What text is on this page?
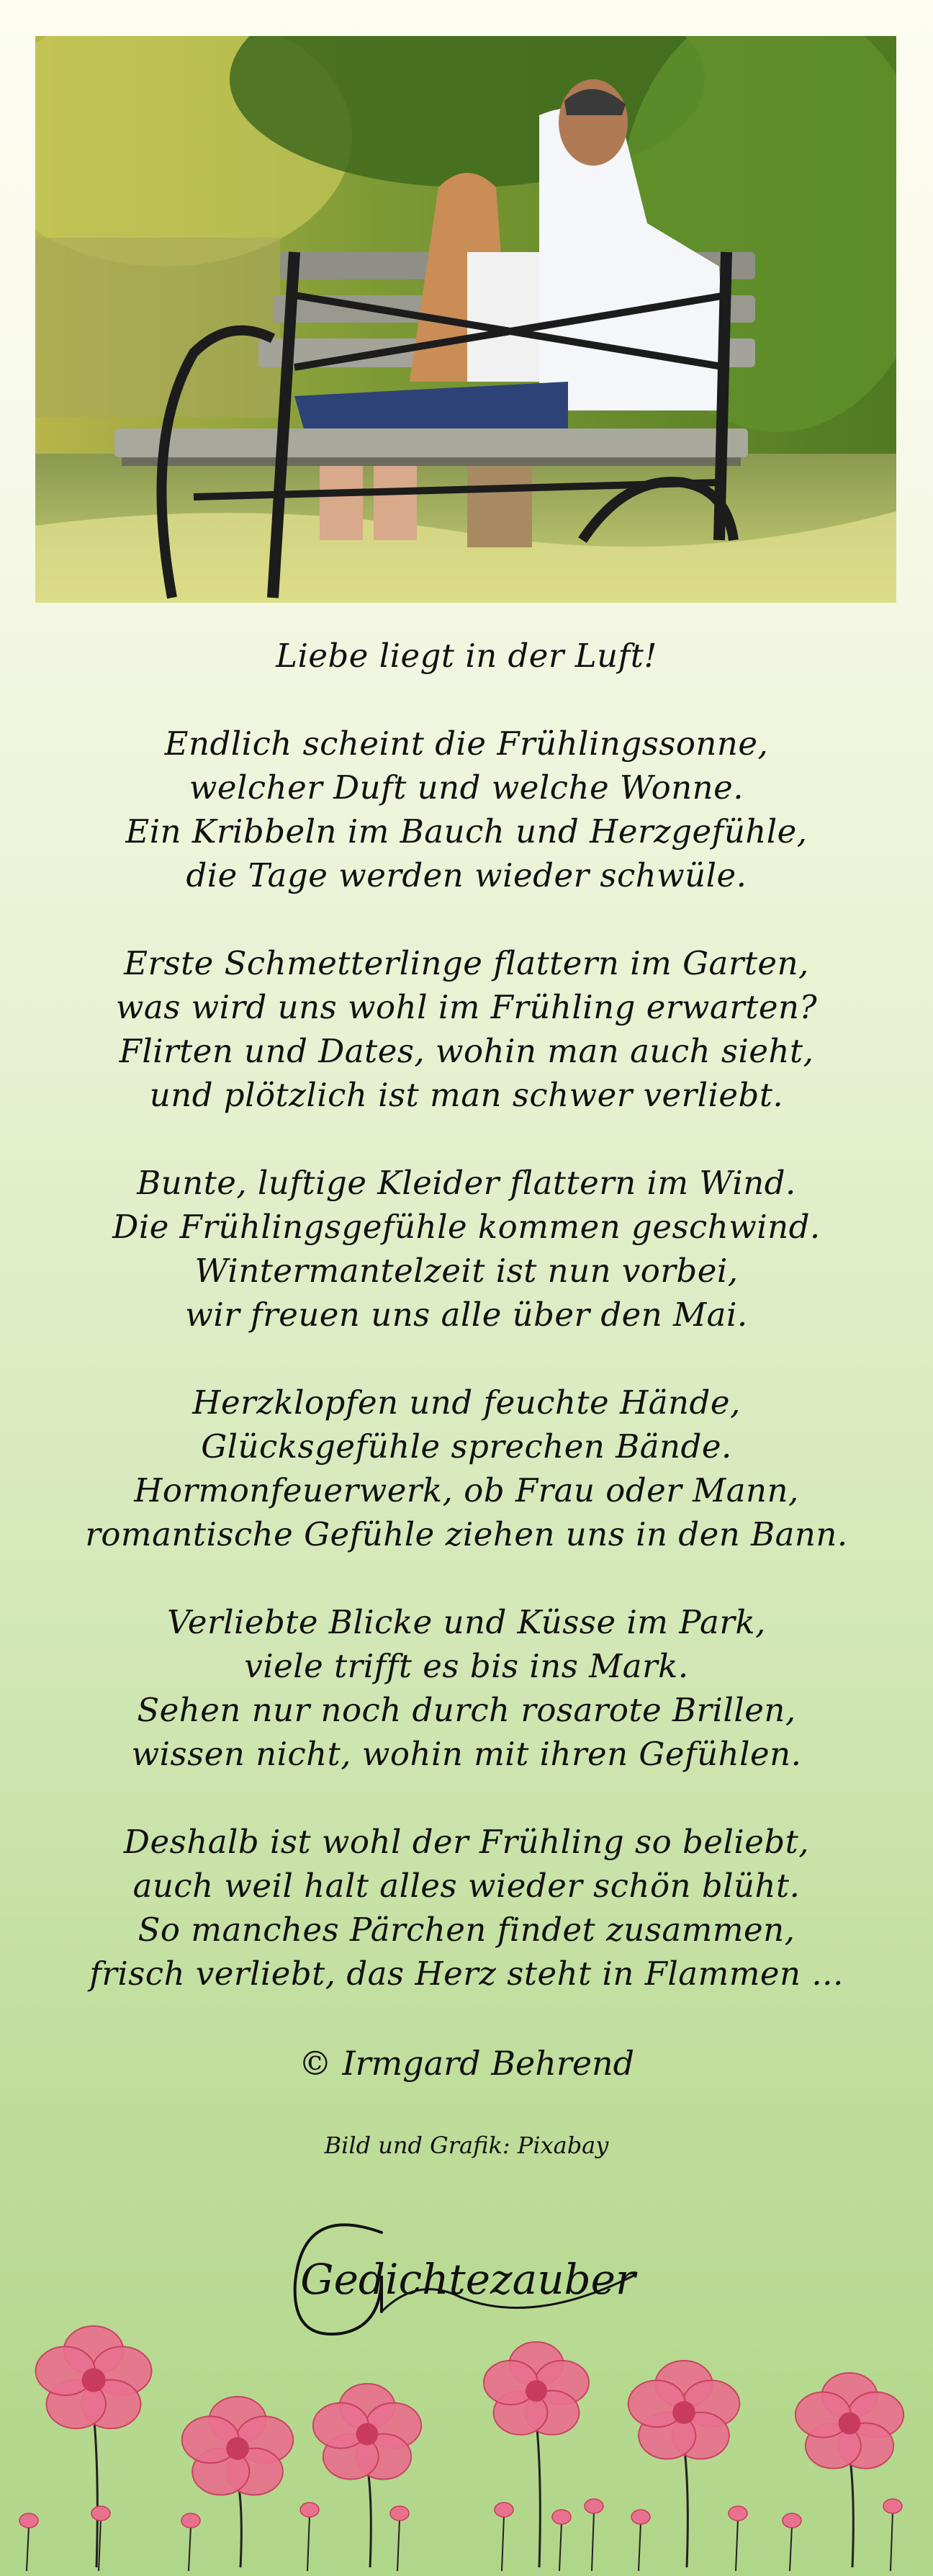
Liebe liegt in der Luft!
Endlich scheint die Frühlingssonne,
welcher Duft und welche Wonne.
Ein Kribbeln im Bauch und Herzgefühle,
die Tage werden wieder schwüle.
Erste Schmetterlinge flattern im Garten,
was wird uns wohl im Frühling erwarten?
Flirten und Dates, wohin man auch sieht,
und plötzlich ist man schwer verliebt.
Bunte, luftige Kleider flattern im Wind.
Die Frühlingsgefühle kommen geschwind.
Wintermantelzeit ist nun vorbei,
wir freuen uns alle über den Mai.
Herzklopfen und feuchte Hände,
Glücksgefühle sprechen Bände.
Hormonfeuerwerk, ob Frau oder Mann,
romantische Gefühle ziehen uns in den Bann.
Verliebte Blicke und Küsse im Park,
viele trifft es bis ins Mark.
Sehen nur noch durch rosarote Brillen,
wissen nicht, wohin mit ihren Gefühlen.
Deshalb ist wohl der Frühling so beliebt,
auch weil halt alles wieder schön blüht.
So manches Pärchen findet zusammen,
frisch verliebt, das Herz steht in Flammen ...
© Irmgard Behrend
Bild und Grafik: Pixabay
Gedichtezauber
